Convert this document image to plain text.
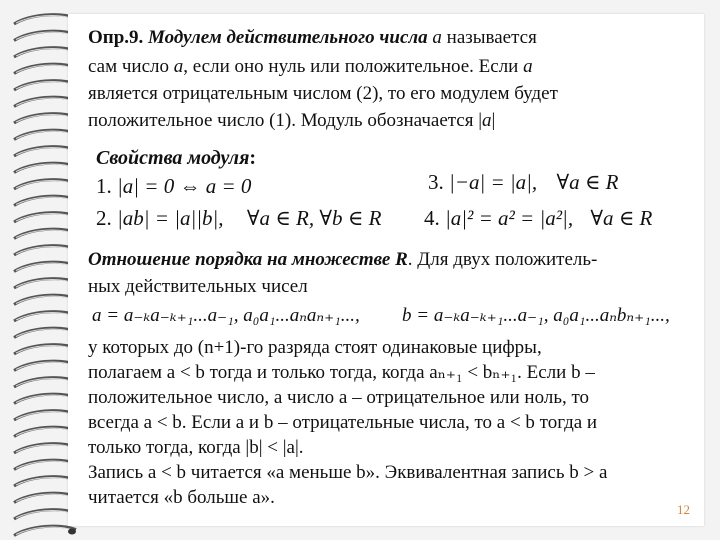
Опр.9. Модулем действительного числа a называется
сам число a, если оно нуль или положительное. Если a
является отрицательным числом (2), то его модулем будет
положительное число (1). Модуль обозначается |a|
Свойства модуля:
1. |a| = 0 ⇔ a = 0
2. |ab| = |a||b|, ∀a ∈ R, ∀b ∈ R
3. |−a| = |a|, ∀a ∈ R
4. |a|² = a² = |a²|, ∀a ∈ R
Отношение порядка на множестве R. Для двух положитель-
ных действительных чисел
a = a₋ₖa₋ₖ₊₁...a₋₁, a₀a₁...aₙaₙ₊₁..., b = a₋ₖa₋ₖ₊₁...a₋₁, a₀a₁...aₙbₙ₊₁...,
у которых до (n+1)-го разряда стоят одинаковые цифры,
полагаем a < b тогда и только тогда, когда aₙ₊₁ < bₙ₊₁. Если b –
положительное число, а число a – отрицательное или ноль, то
всегда a < b. Если a и b – отрицательные числа, то a < b тогда и
только тогда, когда |b| < |a|.
Запись a < b читается «a меньше b». Эквивалентная запись b > a
читается «b больше a».
12
